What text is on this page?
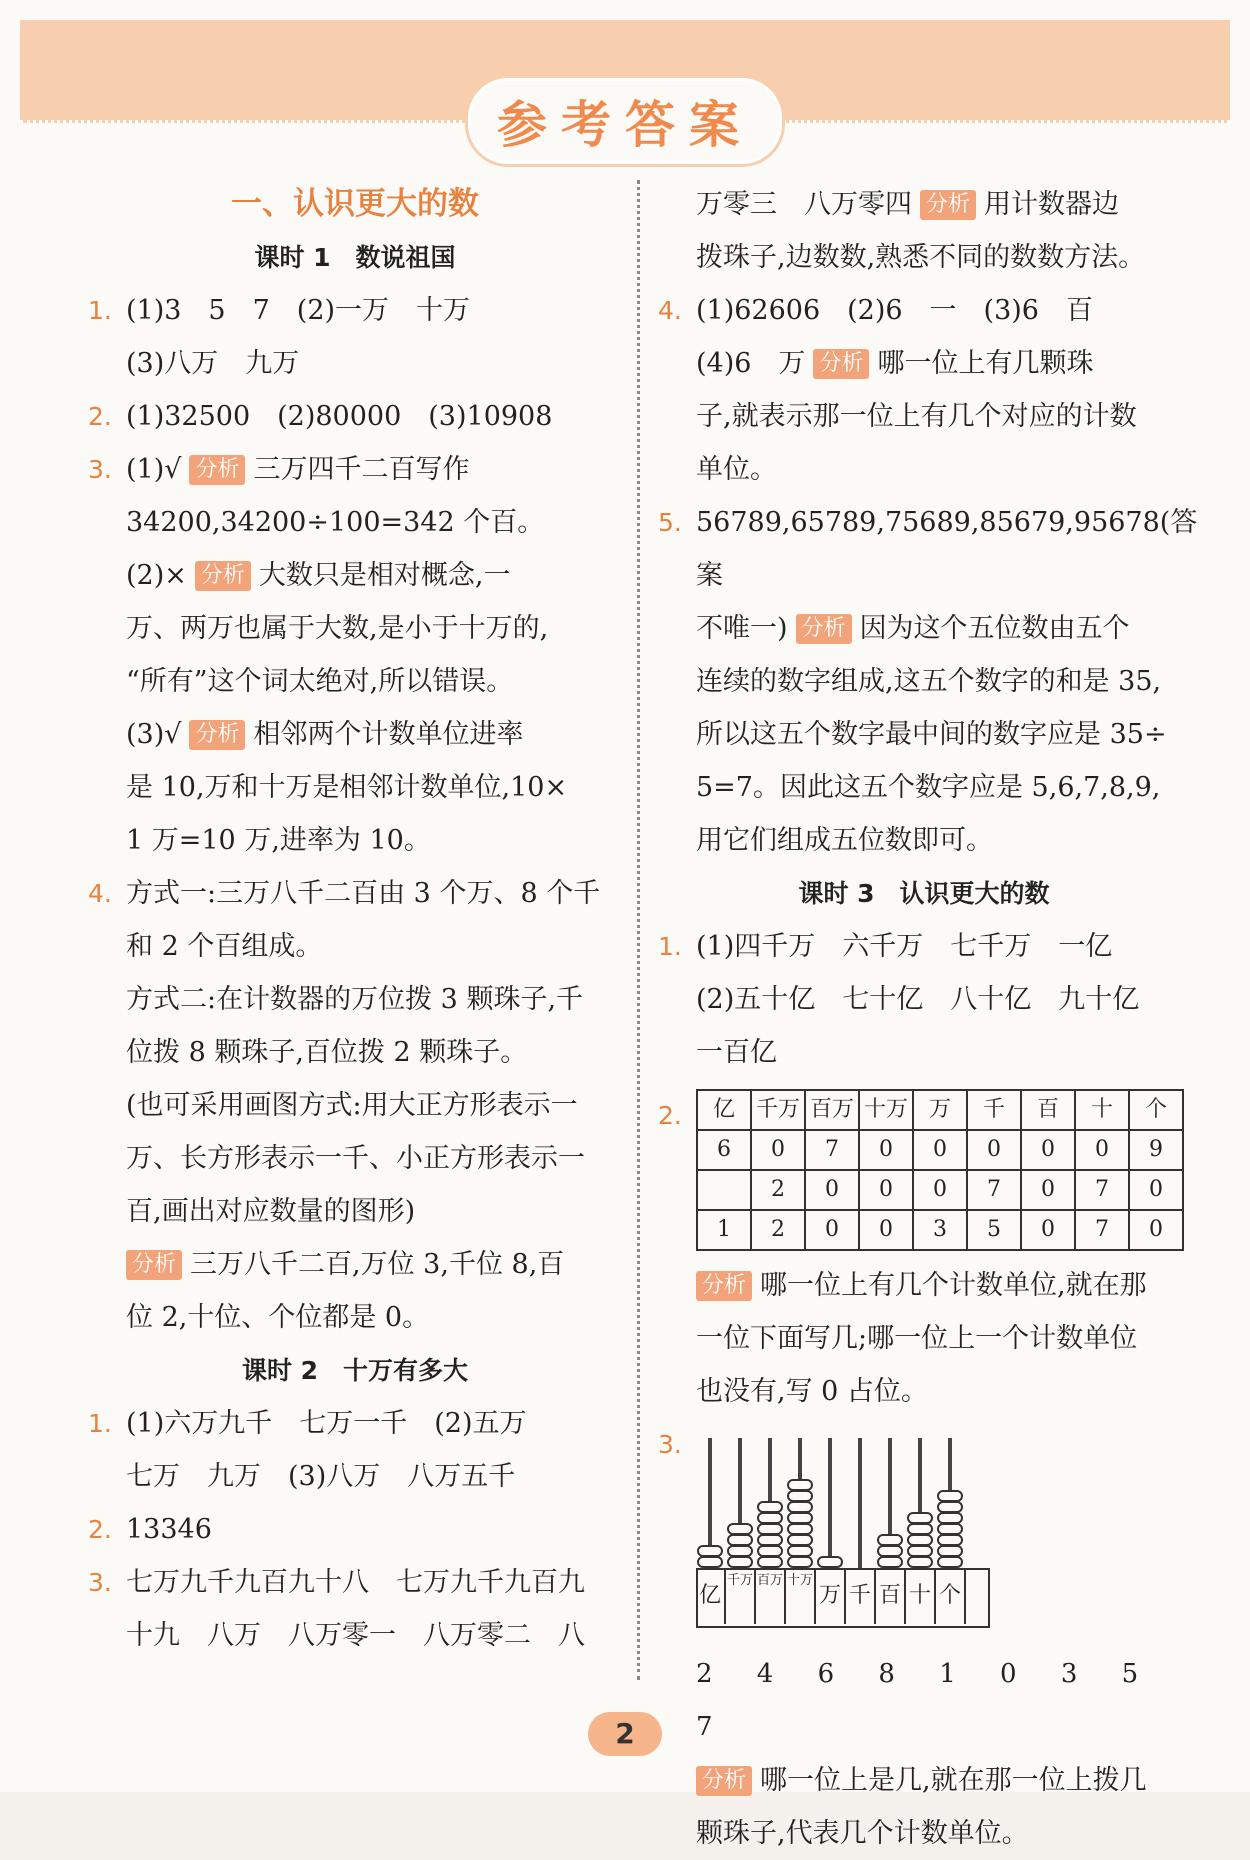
参考答案
一、认识更大的数
课时 1　数说祖国
1. (1)3　5　7　(2)一万　十万
(3)八万　九万
2. (1)32500　(2)80000　(3)10908
3. (1)√ 分析 三万四千二百写作
34200,34200÷100=342 个百。
(2)× 分析 大数只是相对概念,一
万、两万也属于大数,是小于十万的,
“所有”这个词太绝对,所以错误。
(3)√ 分析 相邻两个计数单位进率
是 10,万和十万是相邻计数单位,10×
1 万=10 万,进率为 10。
4. 方式一:三万八千二百由 3 个万、8 个千
和 2 个百组成。
方式二:在计数器的万位拨 3 颗珠子,千
位拨 8 颗珠子,百位拨 2 颗珠子。
(也可采用画图方式:用大正方形表示一
万、长方形表示一千、小正方形表示一
百,画出对应数量的图形)
分析 三万八千二百,万位 3,千位 8,百
位 2,十位、个位都是 0。
课时 2　十万有多大
1. (1)六万九千　七万一千　(2)五万
七万　九万　(3)八万　八万五千
2. 13346
3. 七万九千九百九十八　七万九千九百九
十九　八万　八万零一　八万零二　八
万零三　八万零四 分析 用计数器边
拨珠子,边数数,熟悉不同的数数方法。
4. (1)62606　(2)6　一　(3)6　百
(4)6　万 分析 哪一位上有几颗珠
子,就表示那一位上有几个对应的计数
单位。
5. 56789,65789,75689,85679,95678(答案
不唯一) 分析 因为这个五位数由五个
连续的数字组成,这五个数字的和是 35,
所以这五个数字最中间的数字应是 35÷
5=7。因此这五个数字应是 5,6,7,8,9,
用它们组成五位数即可。
课时 3　认识更大的数
1. (1)四千万　六千万　七千万　一亿
(2)五十亿　七十亿　八十亿　九十亿
一百亿
2. 亿	千万	百万	十万	万	千	百	十	个
6	0	7	0	0	0	0	0	9
	2	0	0	0	7	0	7	0
1	2	0	0	3	5	0	7	0
分析 哪一位上有几个计数单位,就在那
一位下面写几;哪一位上一个计数单位
也没有,写 0 占位。
3.
亿
千万 百万 十万
万 千 百 十 个
2 4 6 8 1 0 3 5 7
分析 哪一位上是几,就在那一位上拨几
颗珠子,代表几个计数单位。
2
